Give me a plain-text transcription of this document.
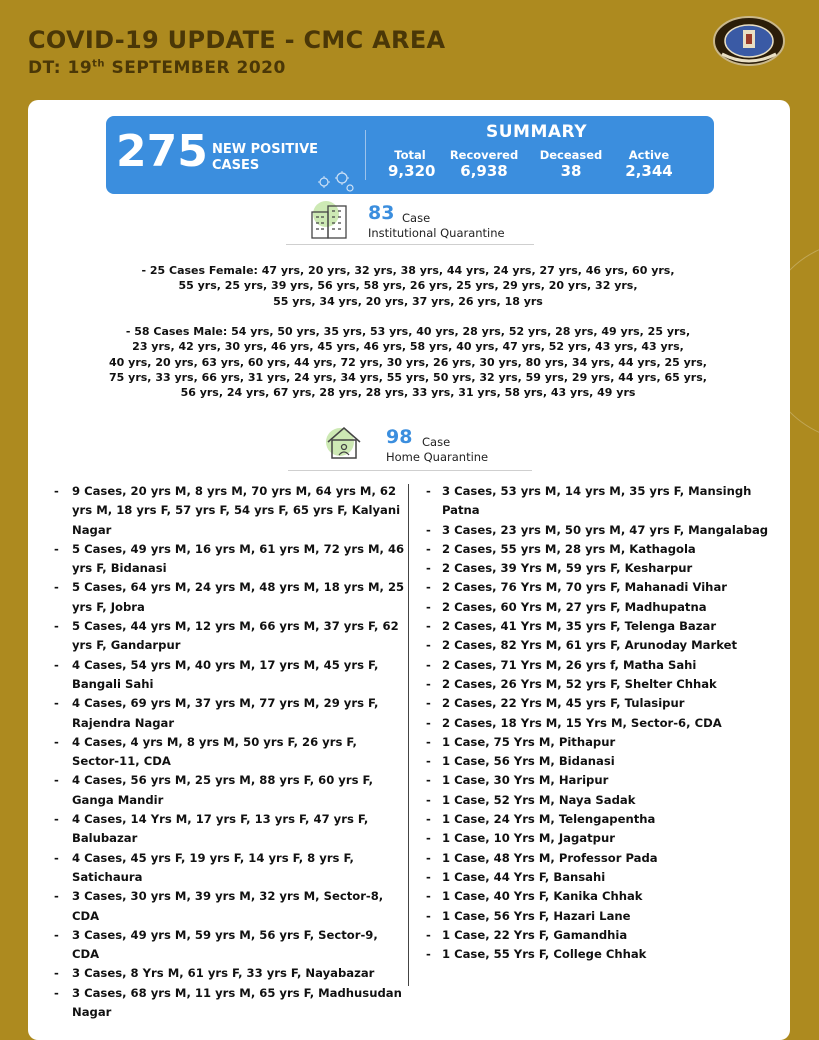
COVID-19 UPDATE - CMC AREA
DT: 19th SEPTEMBER 2020
275 NEW POSITIVE
CASES
SUMMARY
Total
9,320
Recovered
6,938
Deceased
38
Active
2,344
83 Case
Institutional Quarantine
- 25 Cases Female: 47 yrs, 20 yrs, 32 yrs, 38 yrs, 44 yrs, 24 yrs, 27 yrs, 46 yrs, 60 yrs,
55 yrs, 25 yrs, 39 yrs, 56 yrs, 58 yrs, 26 yrs, 25 yrs, 29 yrs, 20 yrs, 32 yrs,
55 yrs, 34 yrs, 20 yrs, 37 yrs, 26 yrs, 18 yrs
- 58 Cases Male: 54 yrs, 50 yrs, 35 yrs, 53 yrs, 40 yrs, 28 yrs, 52 yrs, 28 yrs, 49 yrs, 25 yrs,
23 yrs, 42 yrs, 30 yrs, 46 yrs, 45 yrs, 46 yrs, 58 yrs, 40 yrs, 47 yrs, 52 yrs, 43 yrs, 43 yrs,
40 yrs, 20 yrs, 63 yrs, 60 yrs, 44 yrs, 72 yrs, 30 yrs, 26 yrs, 30 yrs, 80 yrs, 34 yrs, 44 yrs, 25 yrs,
75 yrs, 33 yrs, 66 yrs, 31 yrs, 24 yrs, 34 yrs, 55 yrs, 50 yrs, 32 yrs, 59 yrs, 29 yrs, 44 yrs, 65 yrs,
56 yrs, 24 yrs, 67 yrs, 28 yrs, 28 yrs, 33 yrs, 31 yrs, 58 yrs, 43 yrs, 49 yrs
98 Case
Home Quarantine
- 9 Cases, 20 yrs M, 8 yrs M, 70 yrs M, 64 yrs M, 62 yrs M, 18 yrs F, 57 yrs F, 54 yrs F, 65 yrs F, Kalyani Nagar
- 5 Cases, 49 yrs M, 16 yrs M, 61 yrs M, 72 yrs M, 46 yrs F, Bidanasi
- 5 Cases, 64 yrs M, 24 yrs M, 48 yrs M, 18 yrs M, 25 yrs F, Jobra
- 5 Cases, 44 yrs M, 12 yrs M, 66 yrs M, 37 yrs F, 62 yrs F, Gandarpur
- 4 Cases, 54 yrs M, 40 yrs M, 17 yrs M, 45 yrs F, Bangali Sahi
- 4 Cases, 69 yrs M, 37 yrs M, 77 yrs M, 29 yrs F, Rajendra Nagar
- 4 Cases, 4 yrs M, 8 yrs M, 50 yrs F, 26 yrs F, Sector-11, CDA
- 4 Cases, 56 yrs M, 25 yrs M, 88 yrs F, 60 yrs F, Ganga Mandir
- 4 Cases, 14 Yrs M, 17 yrs F, 13 yrs F, 47 yrs F, Balubazar
- 4 Cases, 45 yrs F, 19 yrs F, 14 yrs F, 8 yrs F, Satichaura
- 3 Cases, 30 yrs M, 39 yrs M, 32 yrs M, Sector-8, CDA
- 3 Cases, 49 yrs M, 59 yrs M, 56 yrs F, Sector-9, CDA
- 3 Cases, 8 Yrs M, 61 yrs F, 33 yrs F, Nayabazar
- 3 Cases, 68 yrs M, 11 yrs M, 65 yrs F, Madhusudan Nagar
- 3 Cases, 53 yrs M, 14 yrs M, 35 yrs F, Mansingh Patna
- 3 Cases, 23 yrs M, 50 yrs M, 47 yrs F, Mangalabag
- 2 Cases, 55 yrs M, 28 yrs M, Kathagola
- 2 Cases, 39 Yrs M, 59 yrs F, Kesharpur
- 2 Cases, 76 Yrs M, 70 yrs F, Mahanadi Vihar
- 2 Cases, 60 Yrs M, 27 yrs F, Madhupatna
- 2 Cases, 41 Yrs M, 35 yrs F, Telenga Bazar
- 2 Cases, 82 Yrs M, 61 yrs F, Arunoday Market
- 2 Cases, 71 Yrs M, 26 yrs f, Matha Sahi
- 2 Cases, 26 Yrs M, 52 yrs F, Shelter Chhak
- 2 Cases, 22 Yrs M, 45 yrs F, Tulasipur
- 2 Cases, 18 Yrs M, 15 Yrs M, Sector-6, CDA
- 1 Case, 75 Yrs M, Pithapur
- 1 Case, 56 Yrs M, Bidanasi
- 1 Case, 30 Yrs M, Haripur
- 1 Case, 52 Yrs M, Naya Sadak
- 1 Case, 24 Yrs M, Telengapentha
- 1 Case, 10 Yrs M, Jagatpur
- 1 Case, 48 Yrs M, Professor Pada
- 1 Case, 44 Yrs F, Bansahi
- 1 Case, 40 Yrs F, Kanika Chhak
- 1 Case, 56 Yrs F, Hazari Lane
- 1 Case, 22 Yrs F, Gamandhia
- 1 Case, 55 Yrs F, College Chhak
